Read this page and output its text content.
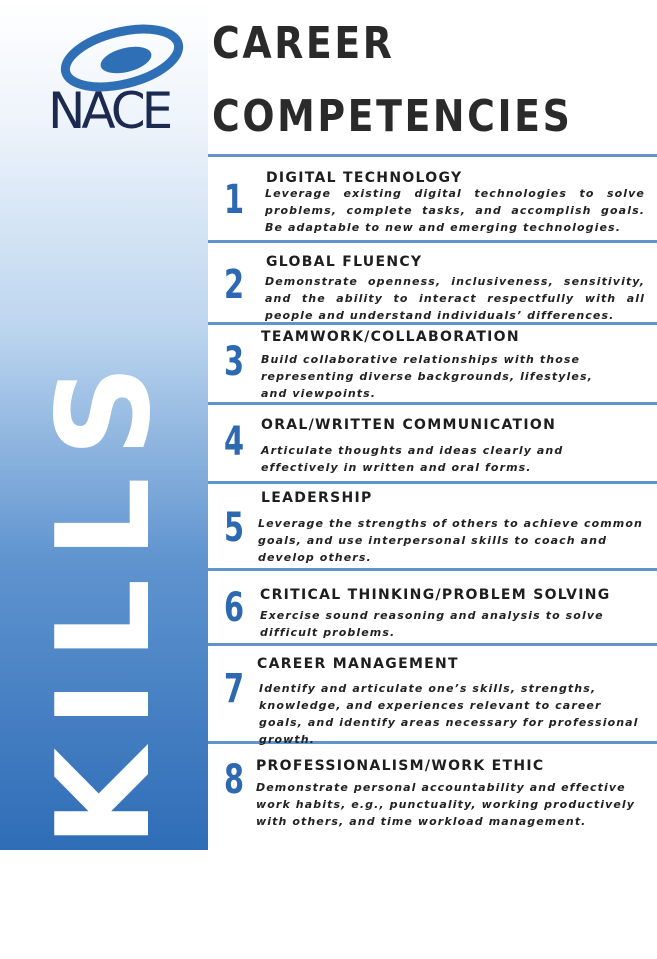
NACE
SKILLS
CAREER
COMPETENCIES
1 DIGITAL TECHNOLOGY
Leverage existing digital technologies to solve problems, complete tasks, and accomplish goals. Be adaptable to new and emerging technologies.
2 GLOBAL FLUENCY
Demonstrate openness, inclusiveness, sensitivity, and the ability to interact respectfully with all people and understand individuals’ differences.
3
TEAMWORK/COLLABORATION
Build collaborative relationships with those representing diverse backgrounds, lifestyles, and viewpoints.
4 ORAL/WRITTEN COMMUNICATION
Articulate thoughts and ideas clearly and effectively in written and oral forms.
5
LEADERSHIP
Leverage the strengths of others to achieve common goals, and use interpersonal skills to coach and develop others.
6 CRITICAL THINKING/PROBLEM SOLVING
Exercise sound reasoning and analysis to solve difficult problems.
7
CAREER MANAGEMENT
Identify and articulate one’s skills, strengths, knowledge, and experiences relevant to career goals, and identify areas necessary for professional growth.
8 PROFESSIONALISM/WORK ETHIC
Demonstrate personal accountability and effective work habits, e.g., punctuality, working productively with others, and time workload management.
